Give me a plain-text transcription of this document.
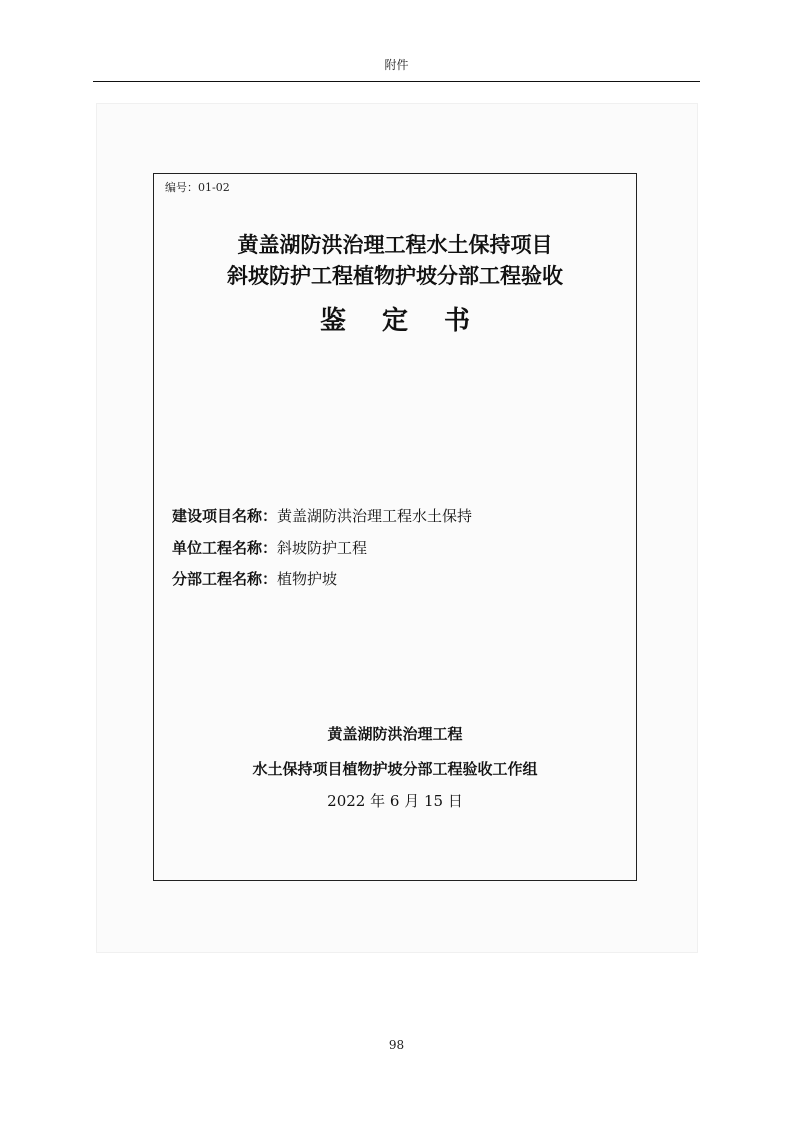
附件
编号：01-02
黄盖湖防洪治理工程水土保持项目
斜坡防护工程植物护坡分部工程验收
鉴定书
建设项目名称：黄盖湖防洪治理工程水土保持
单位工程名称：斜坡防护工程
分部工程名称：植物护坡
黄盖湖防洪治理工程
水土保持项目植物护坡分部工程验收工作组
2022 年 6 月 15 日
98
